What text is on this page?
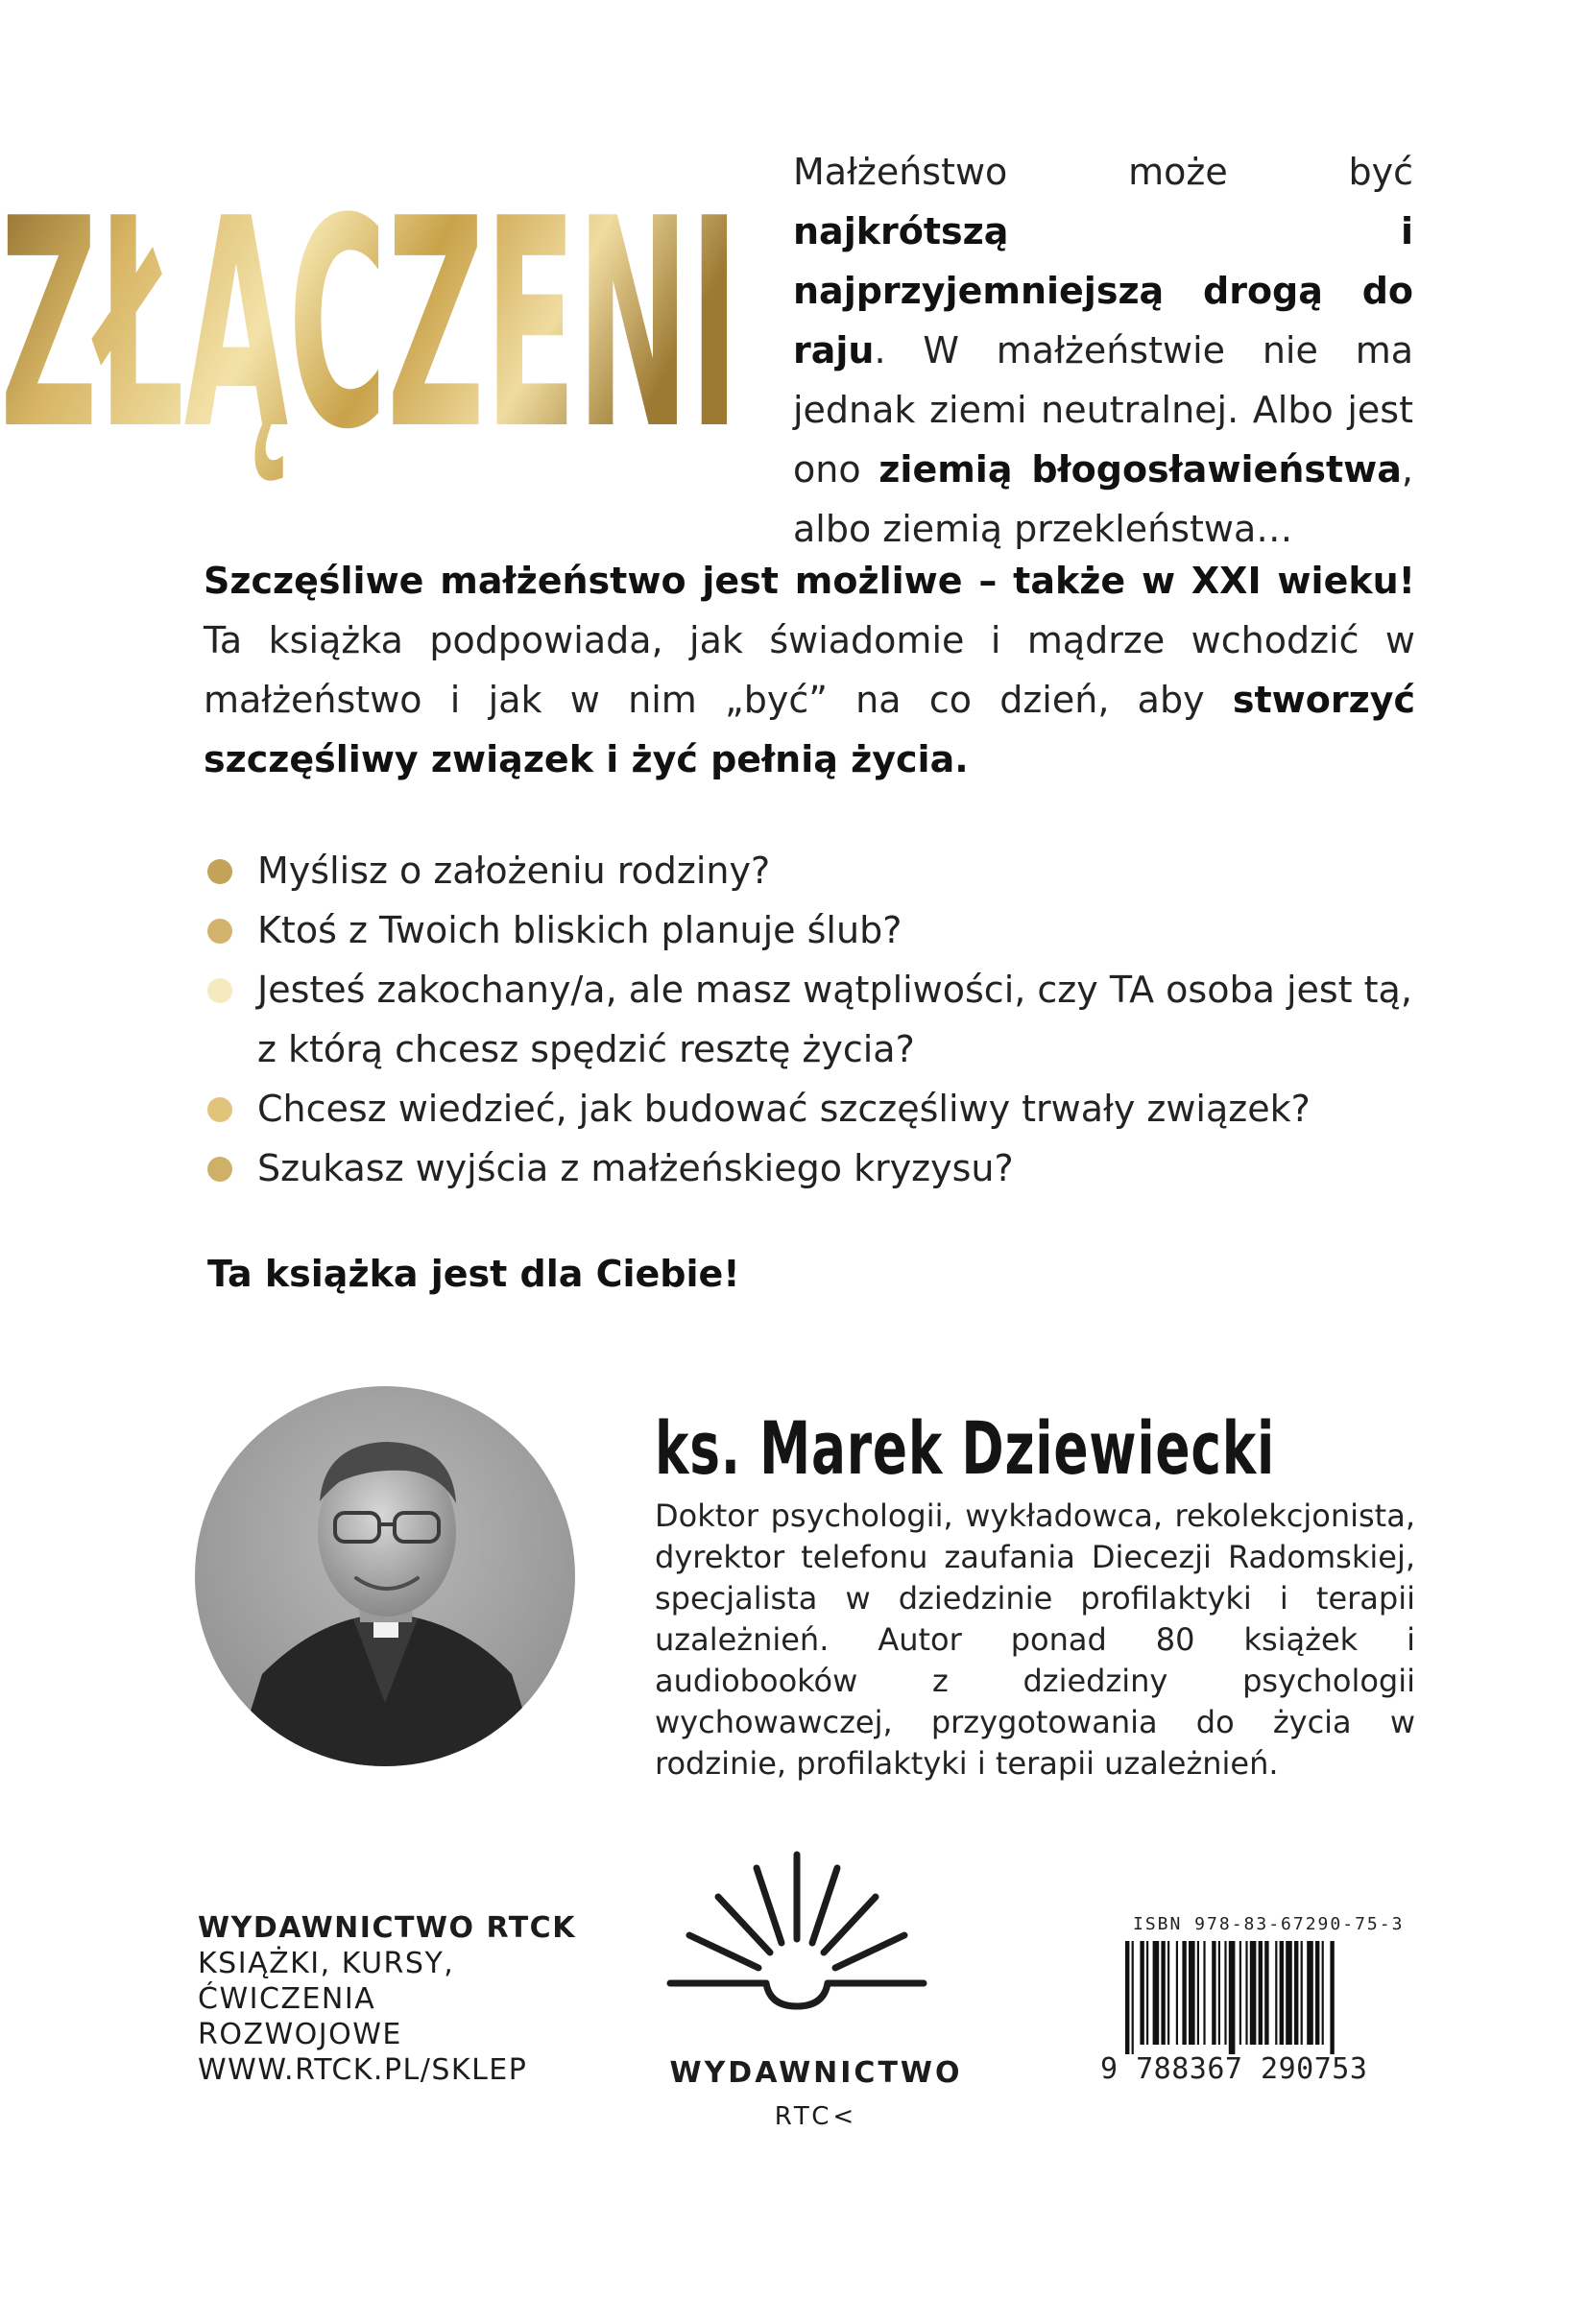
ZŁĄCZENI Małżeństwo może być najkrótszą i najprzyjemniejszą drogą do raju. W małżeństwie nie ma jednak ziemi neutralnej. Albo jest ono ziemią błogosławieństwa, albo ziemią przekleństwa…
Szczęśliwe małżeństwo jest możliwe – także w XXI wieku! Ta książka podpowiada, jak świadomie i mądrze wchodzić w małżeństwo i jak w nim „być” na co dzień, aby stworzyć szczęśliwy związek i żyć pełnią życia.
Myślisz o założeniu rodziny?
Ktoś z Twoich bliskich planuje ślub?
Jesteś zakochany/a, ale masz wątpliwości, czy TA osoba jest tą, z którą chcesz spędzić resztę życia?
Chcesz wiedzieć, jak budować szczęśliwy trwały związek?
Szukasz wyjścia z małżeńskiego kryzysu?
Ta książka jest dla Ciebie!
ks. Marek Dziewiecki
Doktor psychologii, wykładowca, rekolekcjonista, dyrektor telefonu zaufania Diecezji Radomskiej, specjalista w dziedzinie profilaktyki i terapii uzależnień. Autor ponad 80 książek i audiobooków z dziedziny psychologii wychowawczej, przygotowania do życia w rodzinie, profilaktyki i terapii uzależnień.
WYDAWNICTWO RTCK
KSIĄŻKI, KURSY,
ĆWICZENIA
ROZWOJOWE
WWW.RTCK.PL/SKLEP	WYDAWNICTWO
RTC<
ISBN 978-83-67290-75-3
9 788367 290753
